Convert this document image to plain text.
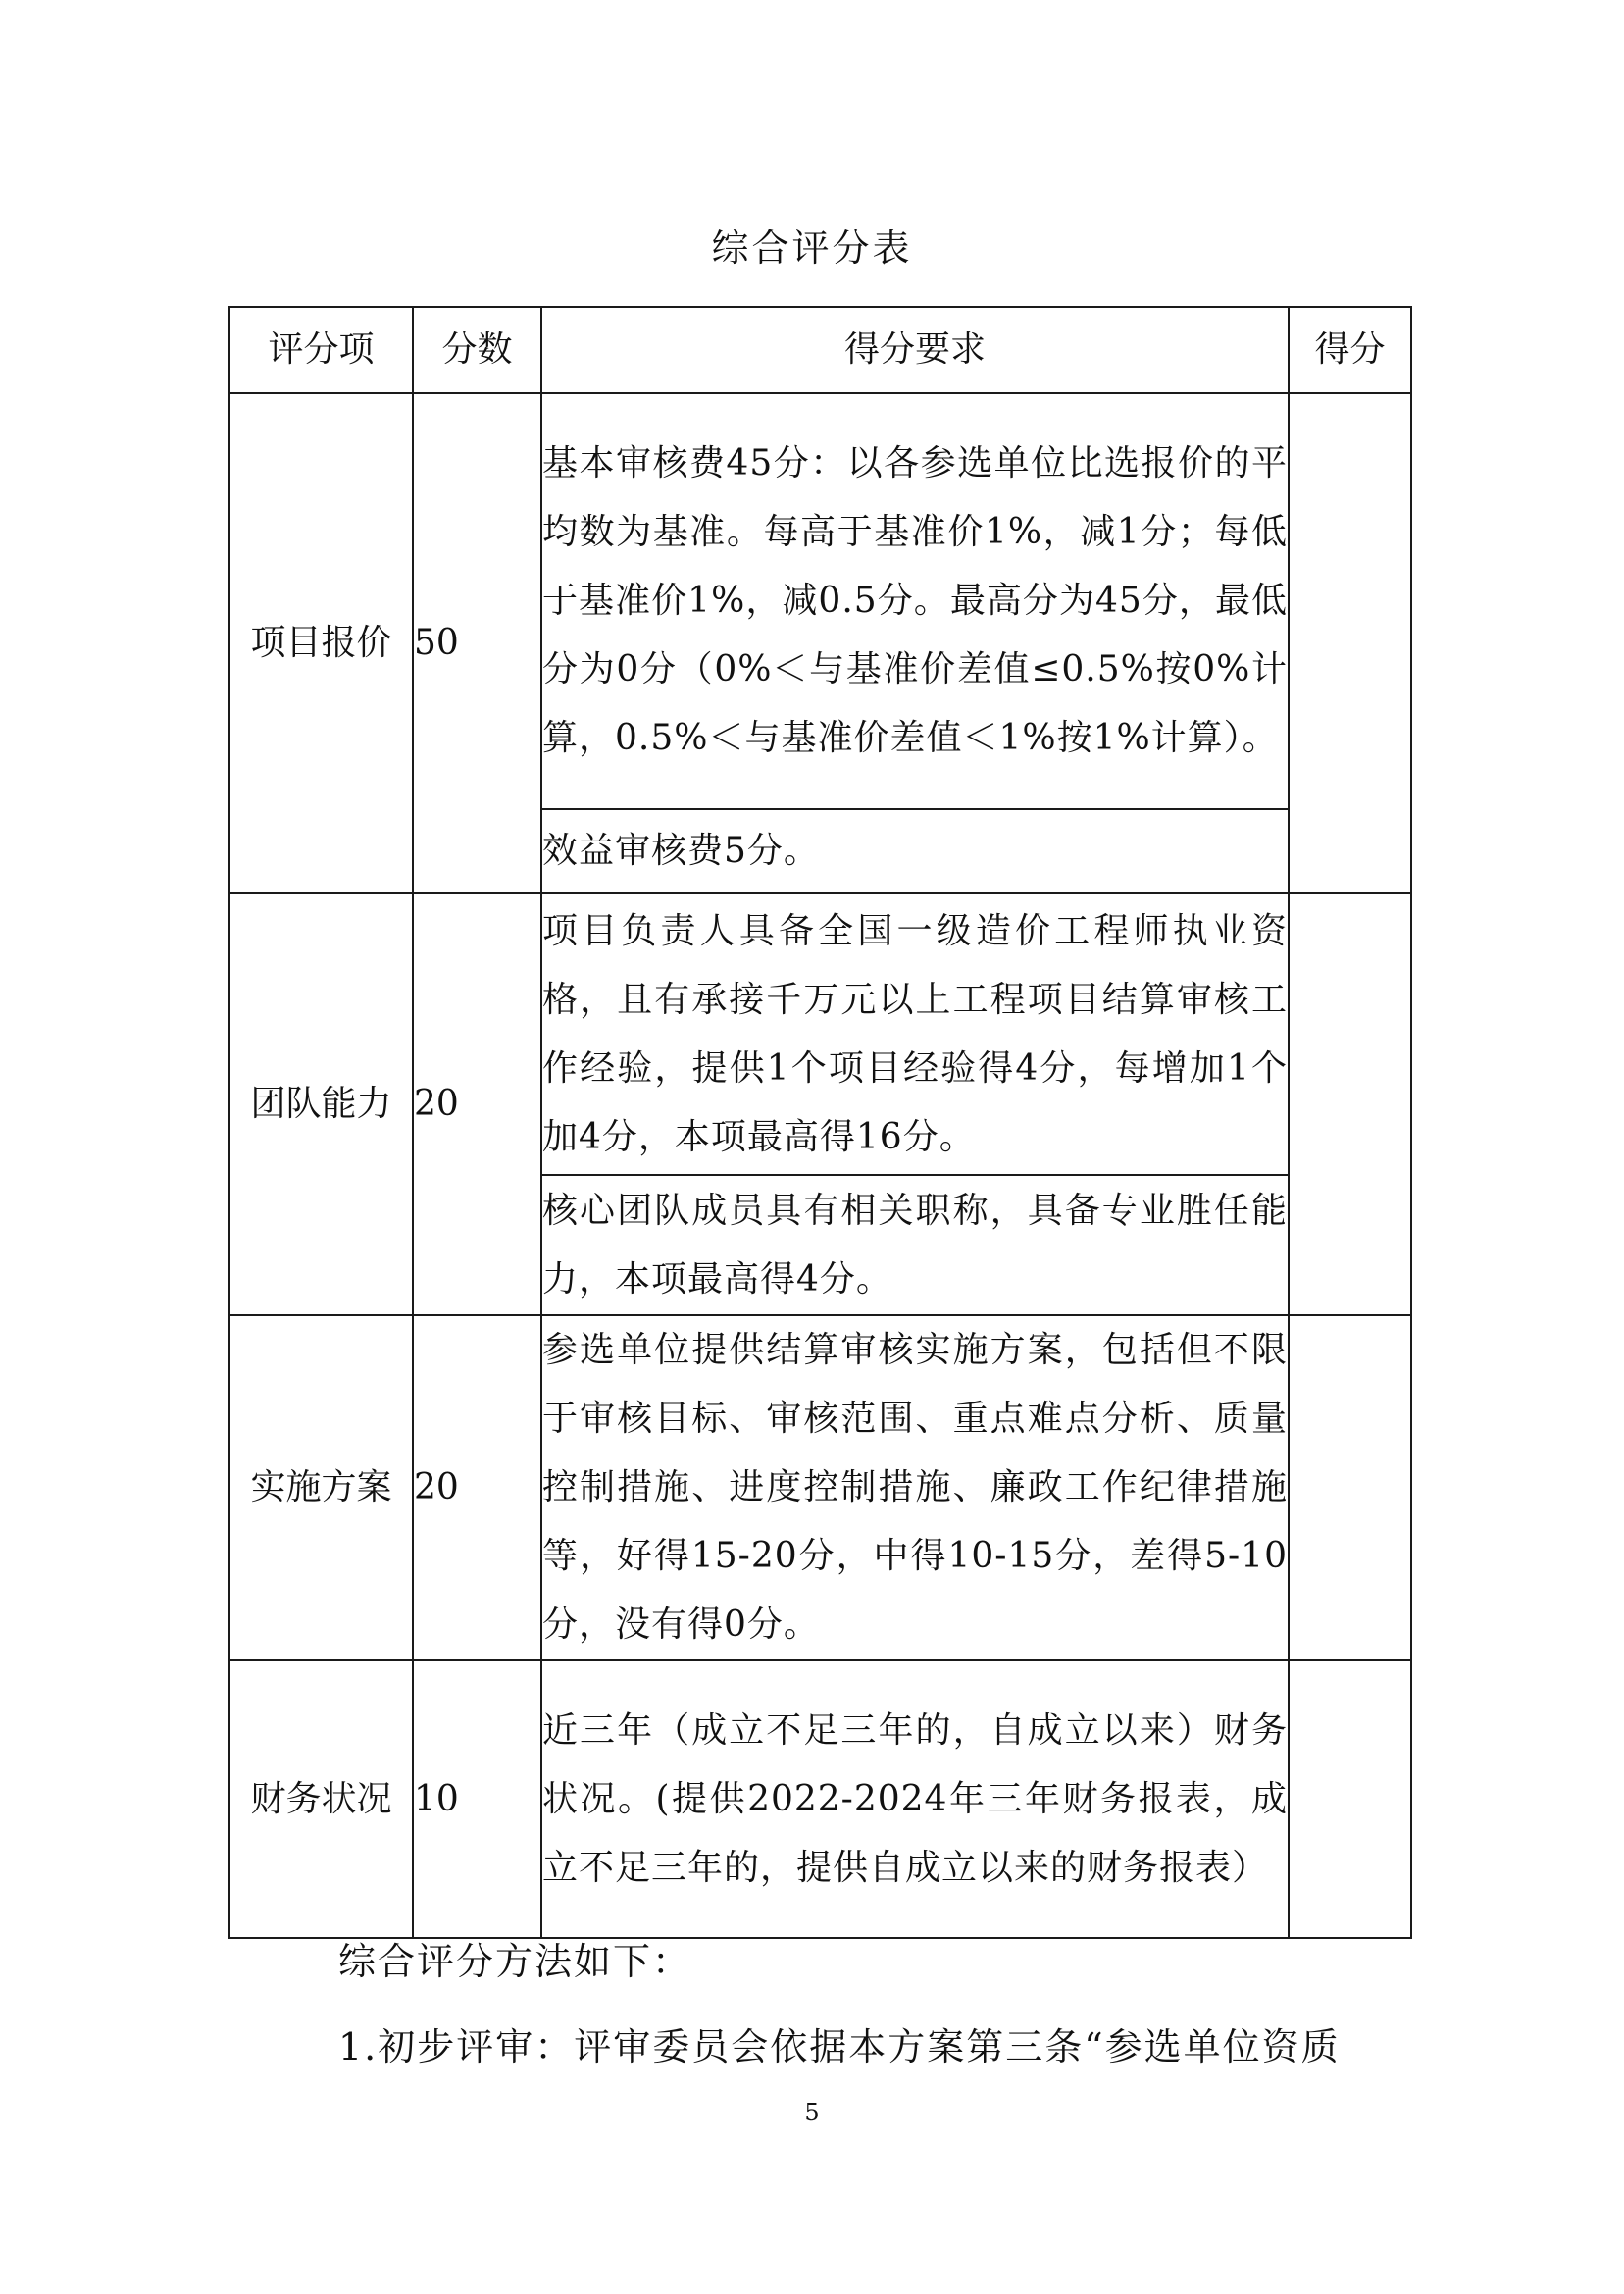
综合评分表
评分项	分数	得分要求	得分
项目报价	50	基本审核费45分：以各参选单位比选报价的平均数为基准。每高于基准价1%，减1分；每低于基准价1%，减0.5分。最高分为45分，最低分为0分（0%＜与基准价差值≤0.5%按0%计算，0.5%＜与基准价差值＜1%按1%计算）。	
		效益审核费5分。	
团队能力	20	项目负责人具备全国一级造价工程师执业资格，且有承接千万元以上工程项目结算审核工作经验，提供1个项目经验得4分，每增加1个加4分，本项最高得16分。	
		核心团队成员具有相关职称，具备专业胜任能力，本项最高得4分。	
实施方案	20	参选单位提供结算审核实施方案，包括但不限于审核目标、审核范围、重点难点分析、质量控制措施、进度控制措施、廉政工作纪律措施等，好得15-20分，中得10-15分，差得5-10分，没有得0分。	
财务状况	10	近三年（成立不足三年的，自成立以来）财务状况。(提供2022-2024年三年财务报表，成立不足三年的，提供自成立以来的财务报表）	
综合评分方法如下：
1.初步评审：评审委员会依据本方案第三条“参选单位资质
5
